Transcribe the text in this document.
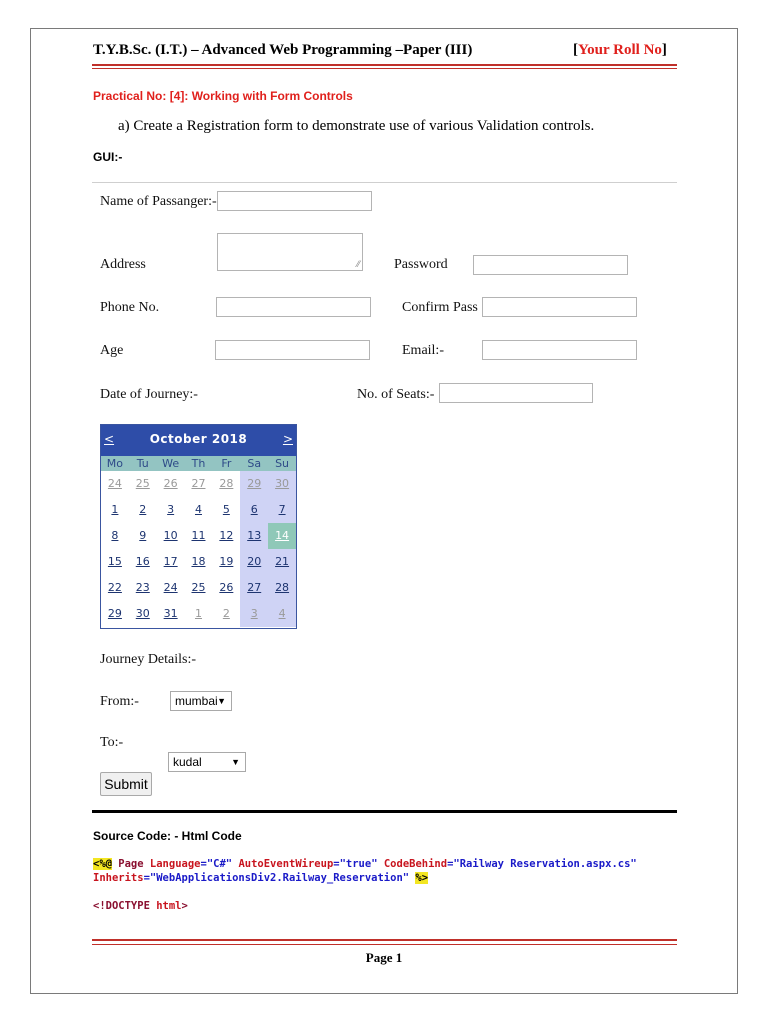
T.Y.B.Sc. (I.T.) – Advanced Web Programming –Paper (III)	[Your Roll No]
Practical No: [4]: Working with Form Controls
a) Create a Registration form to demonstrate use of various Validation controls.
GUI:-
Name of Passanger:-
Address	⁄⁄ Password
Phone No.	Confirm Pass
Age	Email:-
Date of Journey:-	No. of Seats:-
<	October 2018	>
Mo	Tu	We	Th	Fr	Sa	Su
24	25	26	27	28	29	30
1	2	3	4	5	6	7
8	9	10	11	12	13	14
15	16	17	18	19	20	21
22	23	24	25	26	27	28
29	30	31	1	2	3	4
Journey Details:-
From:-	mumbai ▼
To:-
kudal	▼
Submit
Source Code: - Html Code
<%@ Page Language="C#" AutoEventWireup="true" CodeBehind="Railway Reservation.aspx.cs"
Inherits="WebApplicationsDiv2.Railway_Reservation" %>
<!DOCTYPE html>
Page 1
